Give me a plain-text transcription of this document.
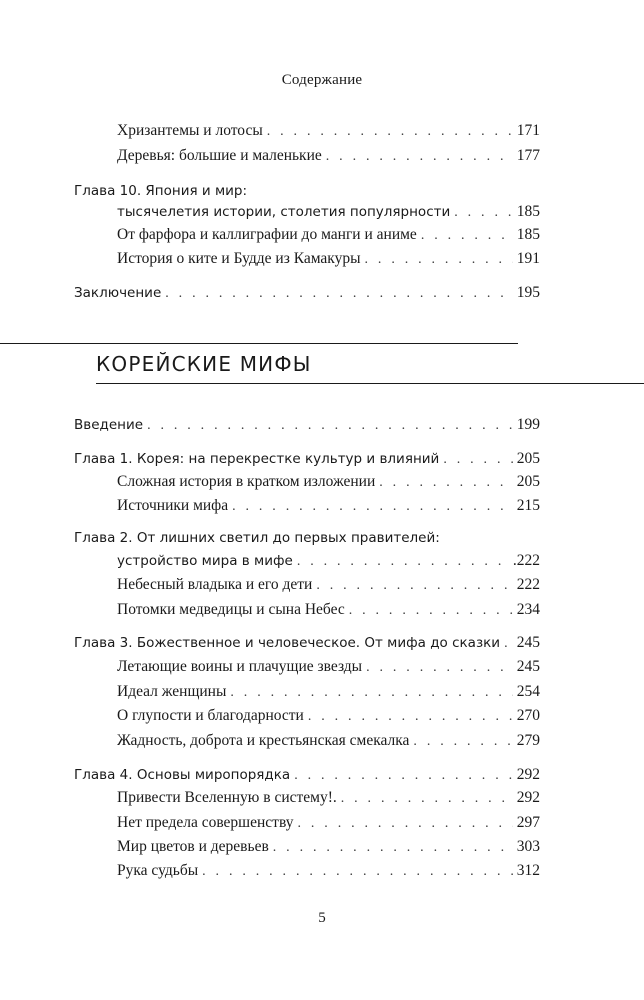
Содержание
Хризантемы и лотосы . . .	171
Деревья: большие и маленькие . . .	177
Глава 10. Япония и мир:
тысячелетия истории, столетия популярности . . .	185
От фарфора и каллиграфии до манги и аниме . . .	185
История о ките и Будде из Камакуры . . .	191
Заключение . . .	195
КОРЕЙСКИЕ МИФЫ
Введение . . .	199
Глава 1. Корея: на перекрестке культур и влияний . . .	205
Сложная история в кратком изложении . . .	205
Источники мифа . . .	215
Глава 2. От лишних светил до первых правителей:
устройство мира в мифе . . .	.222
Небесный владыка и его дети . . .	222
Потомки медведицы и сына Небес . . .	234
Глава 3. Божественное и человеческое. От мифа до сказки . . . 245
Летающие воины и плачущие звезды . . .	245
Идеал женщины . . .	254
О глупости и благодарности . . .	270
Жадность, доброта и крестьянская смекалка . . .	279
Глава 4. Основы миропорядка . . .	292
Привести Вселенную в систему!. . . .	292
Нет предела совершенству . . .	297
Мир цветов и деревьев . . .	303
Рука судьбы . . .	312
5
